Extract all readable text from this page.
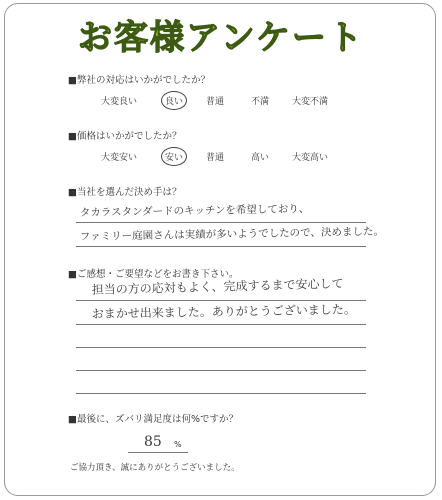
お客様アンケート
■弊社の対応はいかがでしたか？
大変良い	良い	普通	不満	大変不満
■価格はいかがでしたか？
大変安い	安い	普通	高い	大変高い
■当社を選んだ決め手は？
タカラスタンダードのキッチンを希望しており、
ファミリー庭園さんは実績が多いようでしたので、決めました。
■ご感想・ご要望などをお書き下さい。
担当の方の応対もよく、完成するまで安心して
おまかせ出来ました。ありがとうございました。
■最後に、ズバリ満足度は何%ですか？
85 %
ご協力頂き、誠にありがとうございました。
